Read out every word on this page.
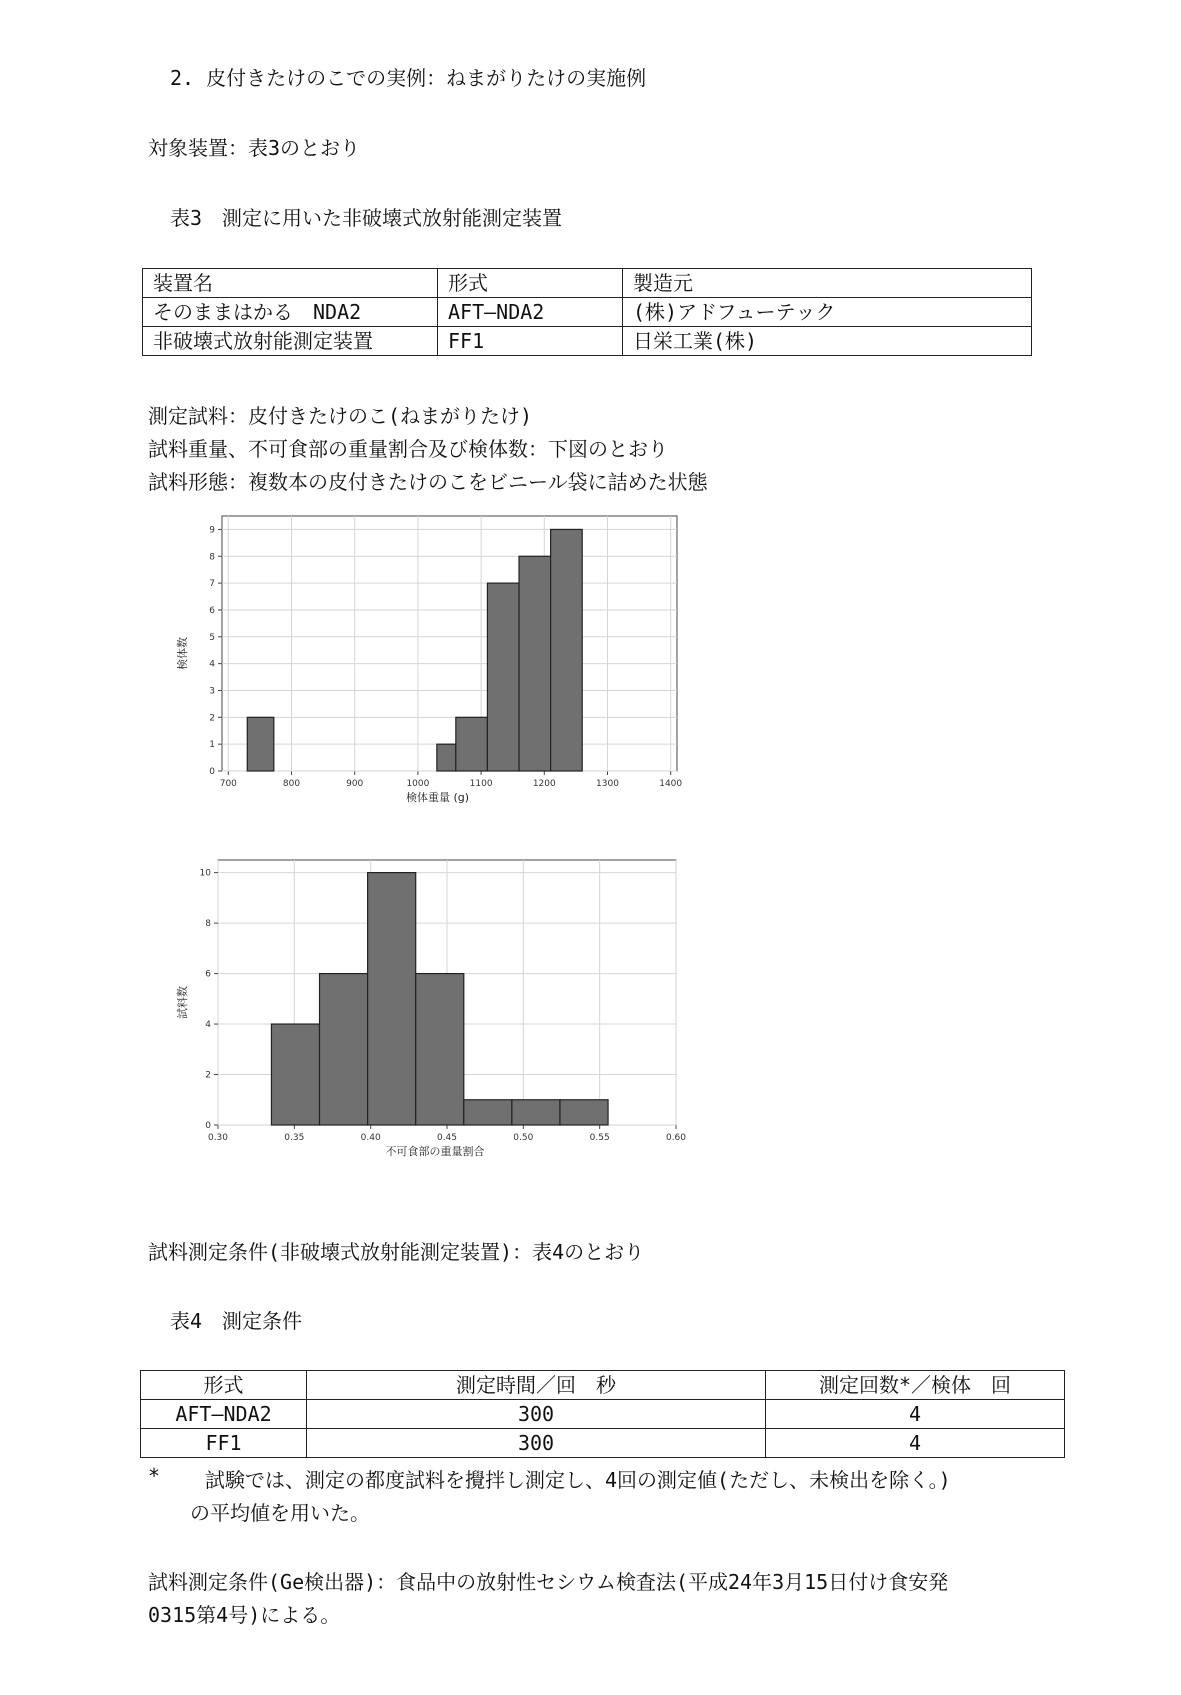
2. 皮付きたけのこでの実例：ねまがりたけの実施例
対象装置：表3のとおり
表3　測定に用いた非破壊式放射能測定装置
装置名	形式	製造元
そのままはかる　NDA2	AFT―NDA2	(株)アドフューテック
非破壊式放射能測定装置	FF1	日栄工業(株)
測定試料：皮付きたけのこ(ねまがりたけ)
試料重量、不可食部の重量割合及び検体数：下図のとおり
試料形態：複数本の皮付きたけのこをビニール袋に詰めた状態
700	800	900	1000	1100	1200	1300	1400
0
1
2
3
4
5
6
7
8
9
検体重量 (g)
検体数
0.30	0.35	0.40	0.45	0.50	0.55	0.60
0
2
4
6
8
10
不可食部の重量割合
試料数
試料測定条件(非破壊式放射能測定装置)：表4のとおり
表4　測定条件
形式	測定時間／回　秒	測定回数*／検体　回
AFT―NDA2	300	4
FF1	300	4
* 試験では、測定の都度試料を攪拌し測定し、4回の測定値(ただし、未検出を除く。)
の平均値を用いた。
試料測定条件(Ge検出器)：食品中の放射性セシウム検査法(平成24年3月15日付け食安発
0315第4号)による。
